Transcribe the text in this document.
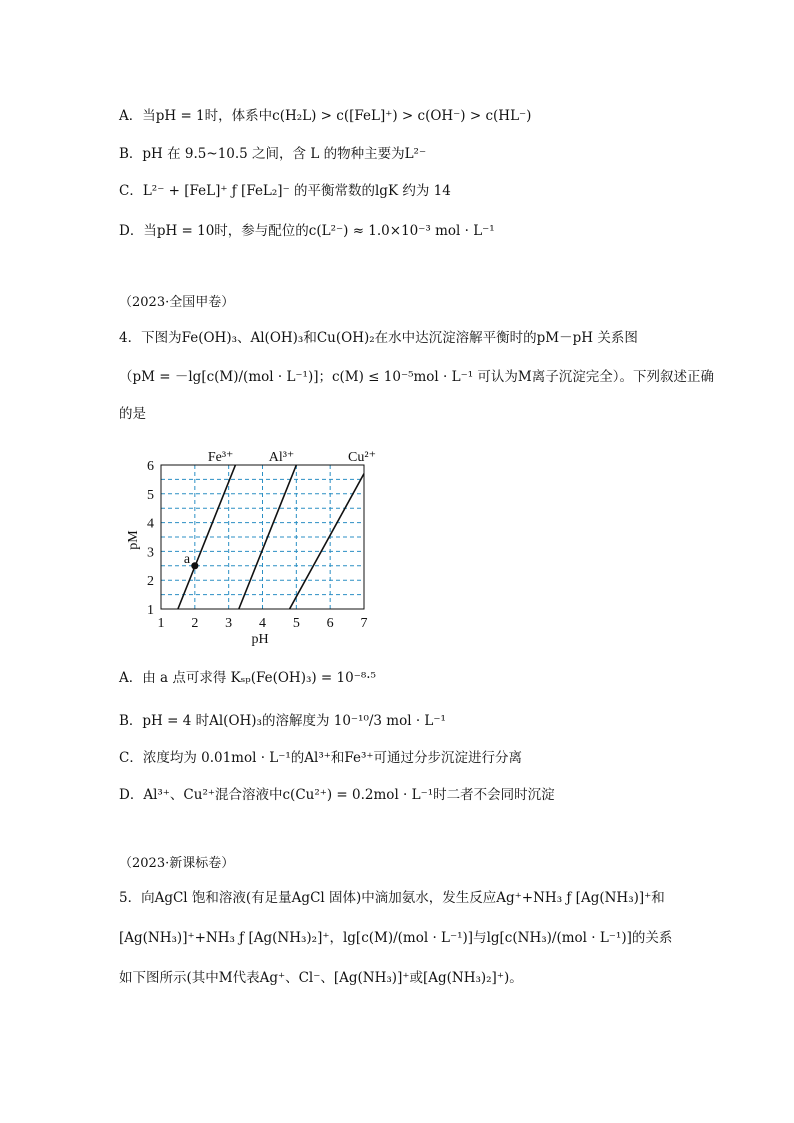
A．当pH = 1时，体系中c(H₂L) > c([FeL]⁺) > c(OH⁻) > c(HL⁻)
B．pH 在 9.5~10.5 之间，含 L 的物种主要为L²⁻
C．L²⁻ + [FeL]⁺ ƒ [FeL₂]⁻ 的平衡常数的lgK 约为 14
D．当pH = 10时，参与配位的c(L²⁻) ≈ 1.0×10⁻³ mol · L⁻¹
（2023·全国甲卷）
4．下图为Fe(OH)₃、Al(OH)₃和Cu(OH)₂在水中达沉淀溶解平衡时的pM－pH 关系图
（pM = －lg[c(M)/(mol · L⁻¹)]；c(M) ≤ 10⁻⁵mol · L⁻¹ 可认为M离子沉淀完全）。下列叙述正确
的是
Fe³⁺	Al³⁺	Cu²⁺
a
1 2 3 4 5 6 7
1
2
3
4
5
6
pH
pM
A．由 a 点可求得 Kₛₚ(Fe(OH)₃) = 10⁻⁸·⁵
B．pH = 4 时Al(OH)₃的溶解度为 10⁻¹⁰/3 mol · L⁻¹
C．浓度均为 0.01mol · L⁻¹的Al³⁺和Fe³⁺可通过分步沉淀进行分离
D．Al³⁺、Cu²⁺混合溶液中c(Cu²⁺) = 0.2mol · L⁻¹时二者不会同时沉淀
（2023·新课标卷）
5．向AgCl 饱和溶液(有足量AgCl 固体)中滴加氨水，发生反应Ag⁺+NH₃ ƒ [Ag(NH₃)]⁺和
[Ag(NH₃)]⁺+NH₃ ƒ [Ag(NH₃)₂]⁺，lg[c(M)/(mol · L⁻¹)]与lg[c(NH₃)/(mol · L⁻¹)]的关系
如下图所示(其中M代表Ag⁺、Cl⁻、[Ag(NH₃)]⁺或[Ag(NH₃)₂]⁺)。
